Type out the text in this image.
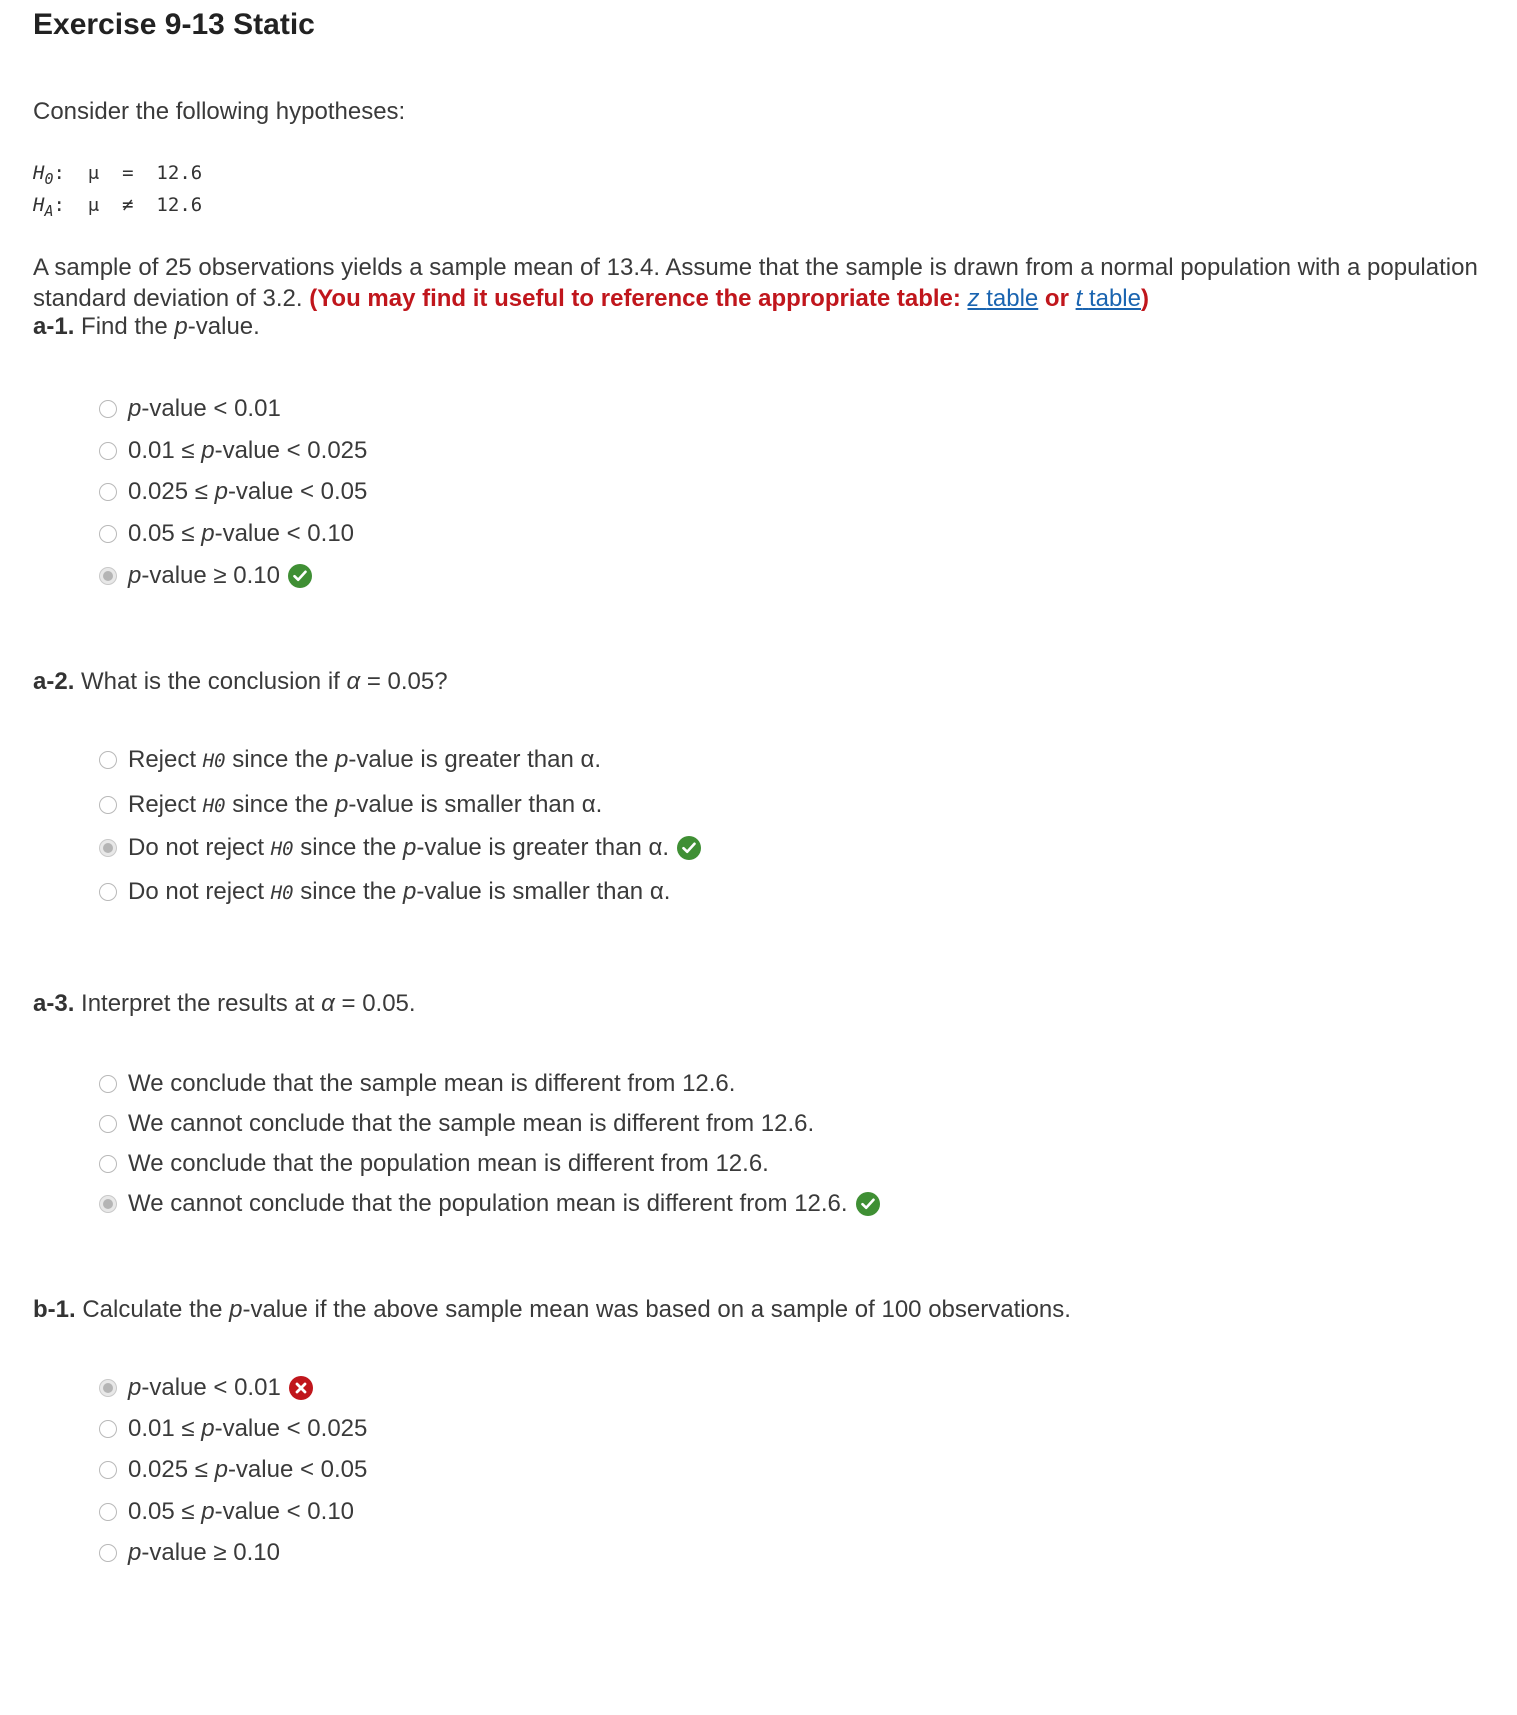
Exercise 9-13 Static
Consider the following hypotheses:
$H_0$:  μ  =  12.6
$H_A$:  μ  ≠  12.6
A sample of 25 observations yields a sample mean of 13.4. Assume that the sample is drawn from a normal population with a population standard deviation of 3.2. (You may find it useful to reference the appropriate table: z table or t table)
a-1. Find the p-value.
p -value < 0.01
0.01 ≤ p -value < 0.025
0.025 ≤ p -value < 0.05
0.05 ≤ p -value < 0.10
p -value ≥ 0.10
a-2. What is the conclusion if α = 0.05?
Reject H0 since the p -value is greater than α.
Reject H0 since the p -value is smaller than α.
Do not reject H0 since the p -value is greater than α.
Do not reject H0 since the p -value is smaller than α.
a-3. Interpret the results at α = 0.05.
We conclude that the sample mean is different from 12.6.
We cannot conclude that the sample mean is different from 12.6.
We conclude that the population mean is different from 12.6.
We cannot conclude that the population mean is different from 12.6.
b-1. Calculate the p-value if the above sample mean was based on a sample of 100 observations.
p -value < 0.01
0.01 ≤ p -value < 0.025
0.025 ≤ p -value < 0.05
0.05 ≤ p -value < 0.10
p -value ≥ 0.10
